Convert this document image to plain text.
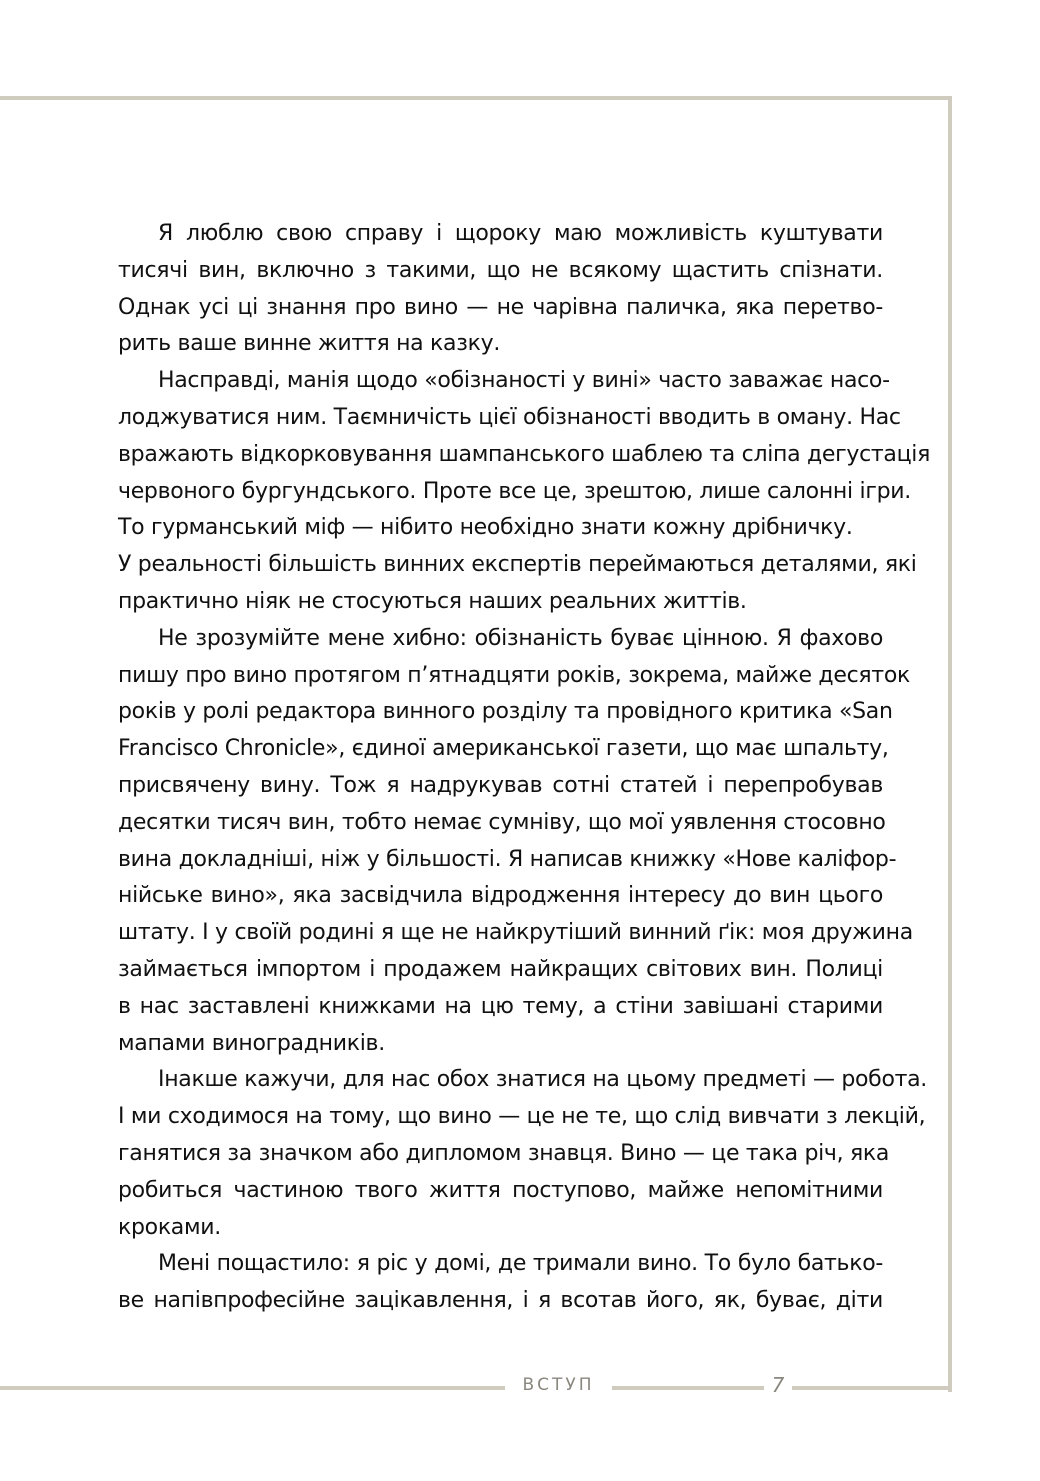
Я люблю свою справу і щороку маю можливість куштувати
тисячі вин, включно з такими, що не всякому щастить спізнати.
Однак усі ці знання про вино — не чарівна паличка, яка перетво-
рить ваше винне життя на казку.
Насправді, манія щодо «обізнаності у вині» часто заважає насо-
лоджуватися ним. Таємничість цієї обізнаності вводить в оману. Нас
вражають відкорковування шампанського шаблею та сліпа дегустація
червоного бургундського. Проте все це, зрештою, лише салонні ігри.
То гурманський міф — нібито необхідно знати кожну дрібничку.
У реальності більшість винних експертів переймаються деталями, які
практично ніяк не стосуються наших реальних життів.
Не зрозумійте мене хибно: обізнаність буває цінною. Я фахово
пишу про вино протягом п’ятнадцяти років, зокрема, майже десяток
років у ролі редактора винного розділу та провідного критика «San
Francisco Chronicle», єдиної американської газети, що має шпальту,
присвячену вину. Тож я надрукував сотні статей і перепробував
десятки тисяч вин, тобто немає сумніву, що мої уявлення стосовно
вина докладніші, ніж у більшості. Я написав книжку «Нове каліфор-
нійське вино», яка засвідчила відродження інтересу до вин цього
штату. І у своїй родині я ще не найкрутіший винний ґік: моя дружина
займається імпортом і продажем найкращих світових вин. Полиці
в нас заставлені книжками на цю тему, а стіни завішані старими
мапами виноградників.
Інакше кажучи, для нас обох знатися на цьому предметі — робота.
І ми сходимося на тому, що вино — це не те, що слід вивчати з лекцій,
ганятися за значком або дипломом знавця. Вино — це така річ, яка
робиться частиною твого життя поступово, майже непомітними
кроками.
Мені пощастило: я ріс у домі, де тримали вино. То було батько-
ве напівпрофесійне зацікавлення, і я всотав його, як, буває, діти
ВСТУП	7
